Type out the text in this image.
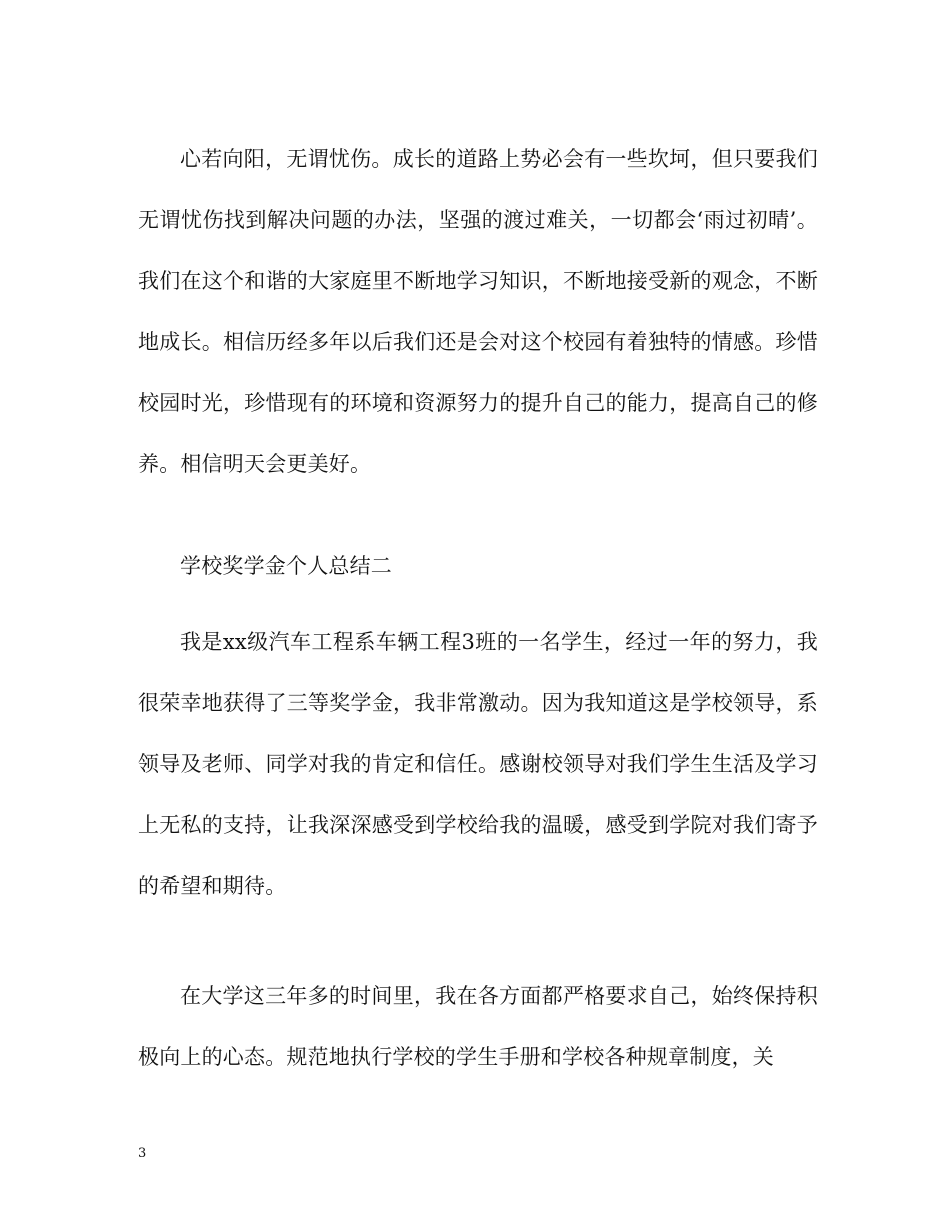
心若向阳，无谓忧伤。成长的道路上势必会有一些坎坷，但只要我们无谓忧伤找到解决问题的办法，坚强的渡过难关，一切都会‘雨过初晴’。我们在这个和谐的大家庭里不断地学习知识，不断地接受新的观念，不断地成长。相信历经多年以后我们还是会对这个校园有着独特的情感。珍惜校园时光，珍惜现有的环境和资源努力的提升自己的能力，提高自己的修养。相信明天会更美好。

学校奖学金个人总结二

我是xx级汽车工程系车辆工程3班的一名学生，经过一年的努力，我很荣幸地获得了三等奖学金，我非常激动。因为我知道这是学校领导，系领导及老师、同学对我的肯定和信任。感谢校领导对我们学生生活及学习上无私的支持，让我深深感受到学校给我的温暖，感受到学院对我们寄予的希望和期待。

在大学这三年多的时间里，我在各方面都严格要求自己，始终保持积极向上的心态。规范地执行学校的学生手册和学校各种规章制度，关

3
